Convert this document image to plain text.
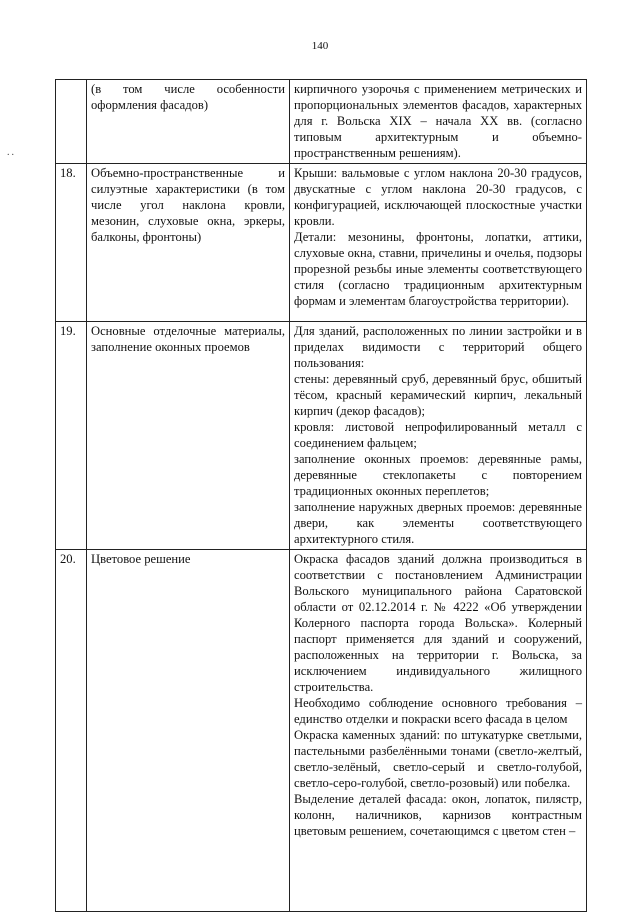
140
..
	(в том числе особенности оформления фасадов)	кирпичного узорочья с применением метрических и пропорциональных элементов фасадов, характерных для г. Вольска XIX – начала XX вв. (согласно типовым архитектурным и объемно-пространственным решениям).

18.	Объемно-пространственные и силуэтные характеристики (в том числе угол наклона кровли, мезонин, слуховые окна, эркеры, балконы, фронтоны)	Крыши: вальмовые с углом наклона 20-30 градусов, двускатные с углом наклона 20-30 градусов, с конфигурацией, исключающей плоскостные участки кровли.
Детали: мезонины, фронтоны, лопатки, аттики, слуховые окна, ставни, причелины и очелья, подзоры прорезной резьбы иные элементы соответствующего стиля (согласно традиционным архитектурным формам и элементам благоустройства территории).

19.	Основные отделочные материалы, заполнение оконных проемов	Для зданий, расположенных по линии застройки и в приделах видимости с территорий общего пользования:
стены: деревянный сруб, деревянный брус, обшитый тёсом, красный керамический кирпич, лекальный кирпич (декор фасадов);
кровля: листовой непрофилированный металл с соединением фальцем;
заполнение оконных проемов: деревянные рамы, деревянные стеклопакеты с повторением традиционных оконных переплетов;
заполнение наружных дверных проемов: деревянные двери, как элементы соответствующего архитектурного стиля.

20.	Цветовое решение	Окраска фасадов зданий должна производиться в соответствии с постановлением Администрации Вольского муниципального района Саратовской области от 02.12.2014 г. № 4222 «Об утверждении Колерного паспорта города Вольска». Колерный паспорт применяется для зданий и сооружений, расположенных на территории г. Вольска, за исключением индивидуального жилищного строительства.
Необходимо соблюдение основного требования – единство отделки и покраски всего фасада в целом
Окраска каменных зданий: по штукатурке светлыми, пастельными разбелёнными тонами (светло-желтый, светло-зелёный, светло-серый и светло-голубой, светло-серо-голубой, светло-розовый) или побелка.
Выделение деталей фасада: окон, лопаток, пилястр, колонн, наличников, карнизов контрастным цветовым решением, сочетающимся с цветом стен –
